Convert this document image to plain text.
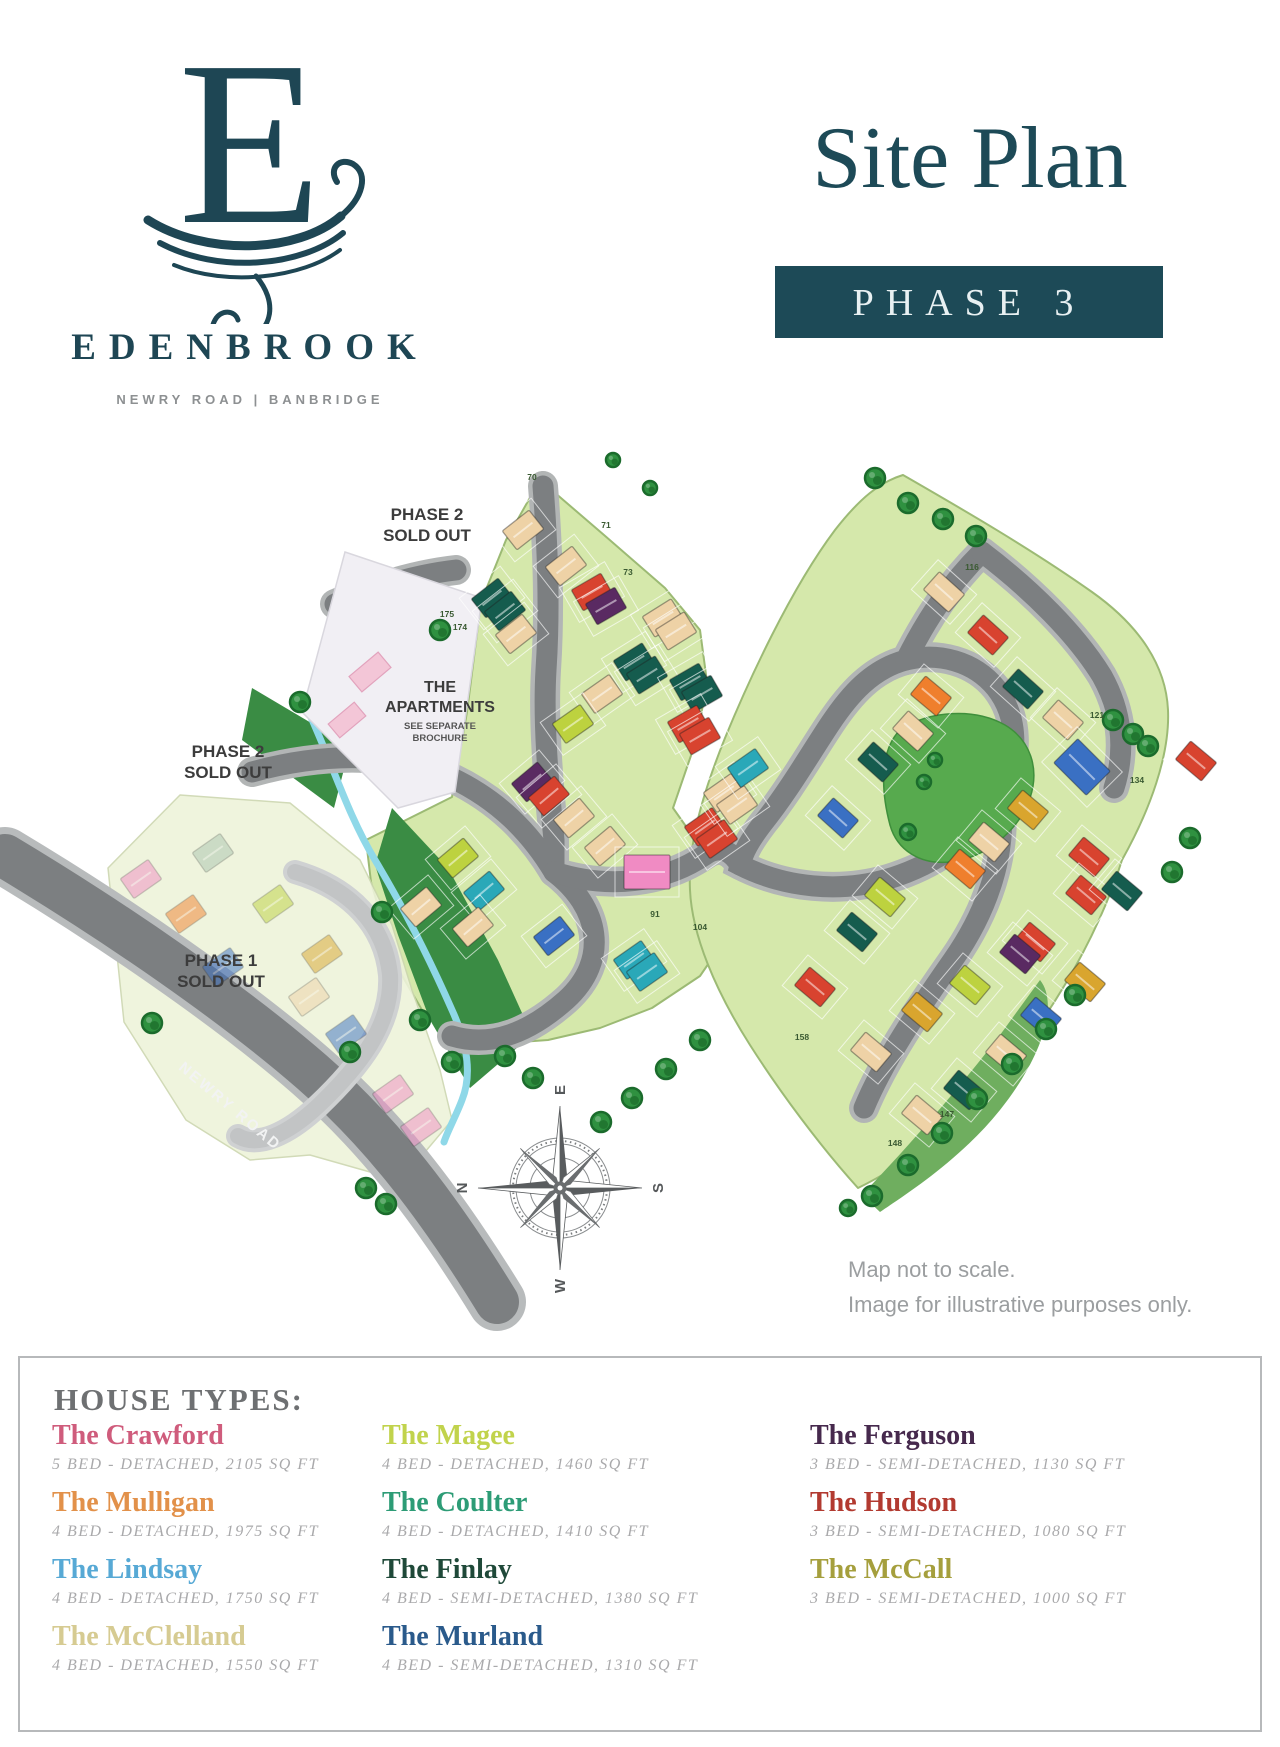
E
EDENBROOK
NEWRY ROAD | BANBRIDGE
Site Plan
PHASE 3
70
71
73
91
104
116
121
134
147
148
158
174
175
PHASE 2
SOLD OUT
PHASE 2
SOLD OUT
PHASE 1
SOLD OUT
THE
APARTMENTS
SEE SEPARATE
BROCHURE
NEWRY ROAD
N
E
S
W
Map not to scale.
Image for illustrative purposes only.
HOUSE TYPES:
The Crawford
5 BED - DETACHED, 2105 SQ FT
The Mulligan
4 BED - DETACHED, 1975 SQ FT
The Lindsay
4 BED - DETACHED, 1750 SQ FT
The McClelland
4 BED - DETACHED, 1550 SQ FT
The Magee
4 BED - DETACHED, 1460 SQ FT
The Coulter
4 BED - DETACHED, 1410 SQ FT
The Finlay
4 BED - SEMI-DETACHED, 1380 SQ FT
The Murland
4 BED - SEMI-DETACHED, 1310 SQ FT
The Ferguson
3 BED - SEMI-DETACHED, 1130 SQ FT
The Hudson
3 BED - SEMI-DETACHED, 1080 SQ FT
The McCall
3 BED - SEMI-DETACHED, 1000 SQ FT
